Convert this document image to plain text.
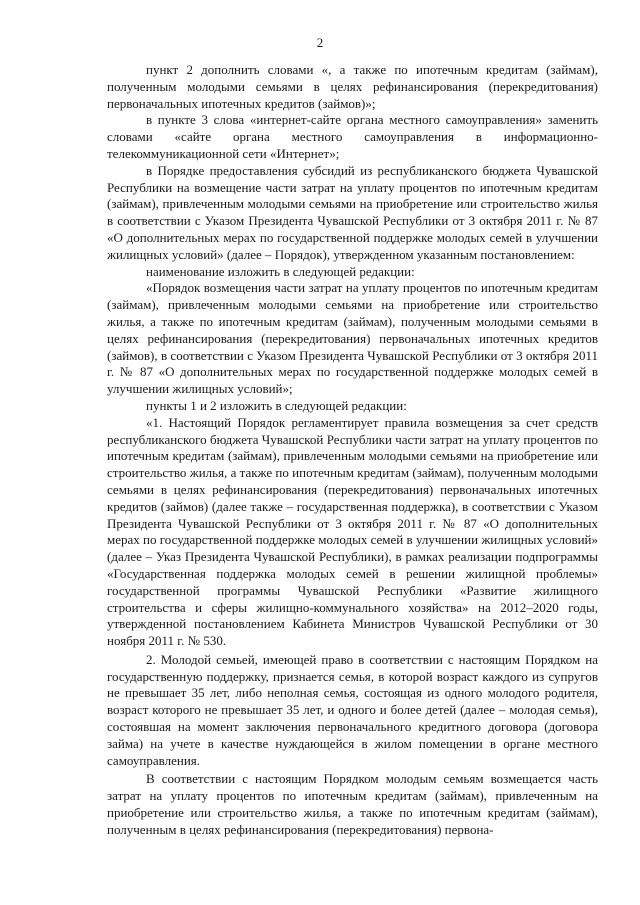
2

пункт 2 дополнить словами «, а также по ипотечным кредитам (займам), полученным молодыми семьями в целях рефинансирования (перекредитования) первоначальных ипотечных кредитов (займов)»;

в пункте 3 слова «интернет-сайте органа местного самоуправления» заменить словами «сайте органа местного самоуправления в информационно-телекоммуникационной сети «Интернет»;

в Порядке предоставления субсидий из республиканского бюджета Чувашской Республики на возмещение части затрат на уплату процентов по ипотечным кредитам (займам), привлеченным молодыми семьями на приобретение или строительство жилья в соответствии с Указом Президента Чувашской Республики от 3 октября 2011 г. № 87 «О дополнительных мерах по государственной поддержке молодых семей в улучшении жилищных условий» (далее – Порядок), утвержденном указанным постановлением:

наименование изложить в следующей редакции:

«Порядок возмещения части затрат на уплату процентов по ипотечным кредитам (займам), привлеченным молодыми семьями на приобретение или строительство жилья, а также по ипотечным кредитам (займам), полученным молодыми семьями в целях рефинансирования (перекредитования) первоначальных ипотечных кредитов (займов), в соответствии с Указом Президента Чувашской Республики от 3 октября 2011 г. № 87 «О дополнительных мерах по государственной поддержке молодых семей в улучшении жилищных условий»;

пункты 1 и 2 изложить в следующей редакции:

«1. Настоящий Порядок регламентирует правила возмещения за счет средств республиканского бюджета Чувашской Республики части затрат на уплату процентов по ипотечным кредитам (займам), привлеченным молодыми семьями на приобретение или строительство жилья, а также по ипотечным кредитам (займам), полученным молодыми семьями в целях рефинансирования (перекредитования) первоначальных ипотечных кредитов (займов) (далее также – государственная поддержка), в соответствии с Указом Президента Чувашской Республики от 3 октября 2011 г. № 87 «О дополнительных мерах по государственной поддержке молодых семей в улучшении жилищных условий» (далее – Указ Президента Чувашской Республики), в рамках реализации подпрограммы «Государственная поддержка молодых семей в решении жилищной проблемы» государственной программы Чувашской Республики «Развитие жилищного строительства и сферы жилищно-коммунального хозяйства» на 2012–2020 годы, утвержденной постановлением Кабинета Министров Чувашской Республики от 30 ноября 2011 г. № 530.

2. Молодой семьей, имеющей право в соответствии с настоящим Порядком на государственную поддержку, признается семья, в которой возраст каждого из супругов не превышает 35 лет, либо неполная семья, состоящая из одного молодого родителя, возраст которого не превышает 35 лет, и одного и более детей (далее – молодая семья), состоявшая на момент заключения первоначального кредитного договора (договора займа) на учете в качестве нуждающейся в жилом помещении в органе местного самоуправления.

В соответствии с настоящим Порядком молодым семьям возмещается часть затрат на уплату процентов по ипотечным кредитам (займам), привлеченным на приобретение или строительство жилья, а также по ипотечным кредитам (займам), полученным в целях рефинансирования (перекредитования) первона-
